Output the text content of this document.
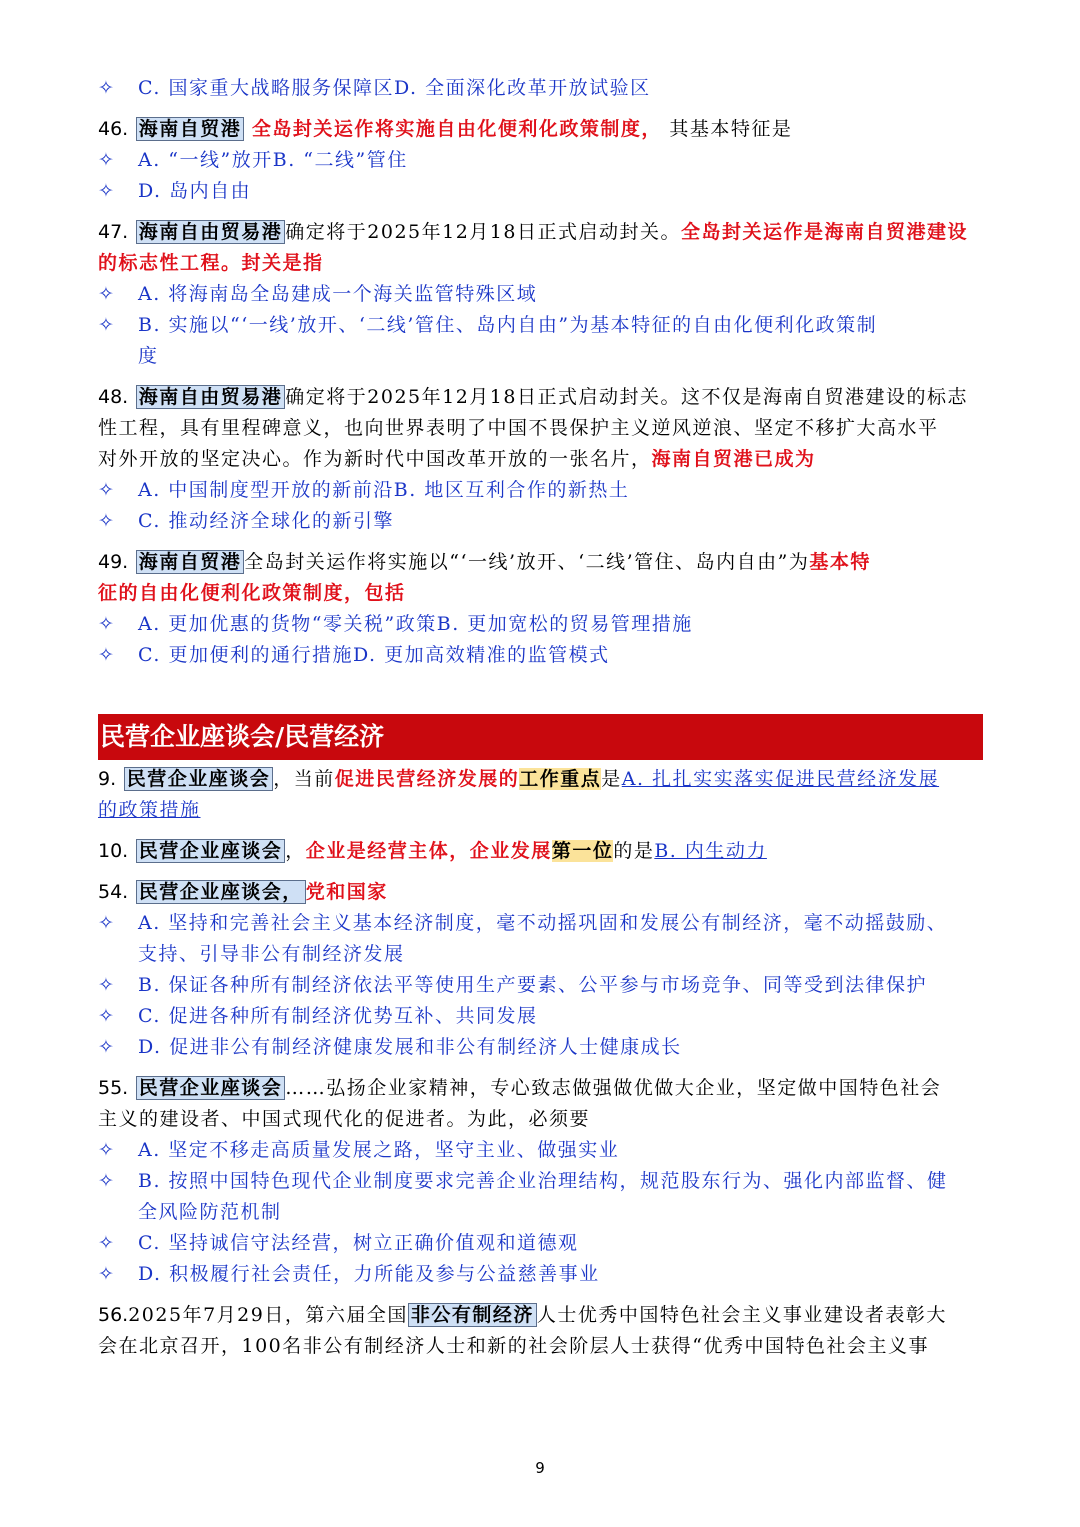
✧	C. 国家重大战略服务保障区D. 全面深化改革开放试验区
46. 海南自贸港 全岛封关运作将实施自由化便利化政策制度， 其基本特征是
✧	A. “一线”放开B. “二线”管住
✧	D. 岛内自由
47. 海南自由贸易港 确定将于2025年12月18日正式启动封关。全岛封关运作是海南自贸港建设
的标志性工程。封关是指
✧	A. 将海南岛全岛建成一个海关监管特殊区域
✧	B. 实施以“‘一线’放开、‘二线’管住、岛内自由”为基本特征的自由化便利化政策制
度
48. 海南自由贸易港 确定将于2025年12月18日正式启动封关。这不仅是海南自贸港建设的标志
性工程，具有里程碑意义，也向世界表明了中国不畏保护主义逆风逆浪、坚定不移扩大高水平
对外开放的坚定决心。作为新时代中国改革开放的一张名片，海南自贸港已成为
✧	A. 中国制度型开放的新前沿B. 地区互利合作的新热土
✧	C. 推动经济全球化的新引擎
49. 海南自贸港 全岛封关运作将实施以“‘一线’放开、‘二线’管住、岛内自由”为基本特
征的自由化便利化政策制度，包括
✧	A. 更加优惠的货物“零关税”政策B. 更加宽松的贸易管理措施
✧	C. 更加便利的通行措施D. 更加高效精准的监管模式
民营企业座谈会/民营经济
9. 民营企业座谈会 ，当前促进民营经济发展的工作重点是A. 扎扎实实落实促进民营经济发展
的政策措施
10. 民营企业座谈会 ，企业是经营主体，企业发展第一位的是B. 内生动力
54. 民营企业座谈会， 党和国家
✧	A. 坚持和完善社会主义基本经济制度，毫不动摇巩固和发展公有制经济，毫不动摇鼓励、
支持、引导非公有制经济发展
✧	B. 保证各种所有制经济依法平等使用生产要素、公平参与市场竞争、同等受到法律保护
✧	C. 促进各种所有制经济优势互补、共同发展
✧	D. 促进非公有制经济健康发展和非公有制经济人士健康成长
55. 民营企业座谈会 ……弘扬企业家精神，专心致志做强做优做大企业，坚定做中国特色社会
主义的建设者、中国式现代化的促进者。为此，必须要
✧	A. 坚定不移走高质量发展之路，坚守主业、做强实业
✧	B. 按照中国特色现代企业制度要求完善企业治理结构，规范股东行为、强化内部监督、健
全风险防范机制
✧	C. 坚持诚信守法经营，树立正确价值观和道德观
✧	D. 积极履行社会责任，力所能及参与公益慈善事业
56.2025年7月29日，第六届全国 非公有制经济 人士优秀中国特色社会主义事业建设者表彰大
会在北京召开，100名非公有制经济人士和新的社会阶层人士获得“优秀中国特色社会主义事
9
